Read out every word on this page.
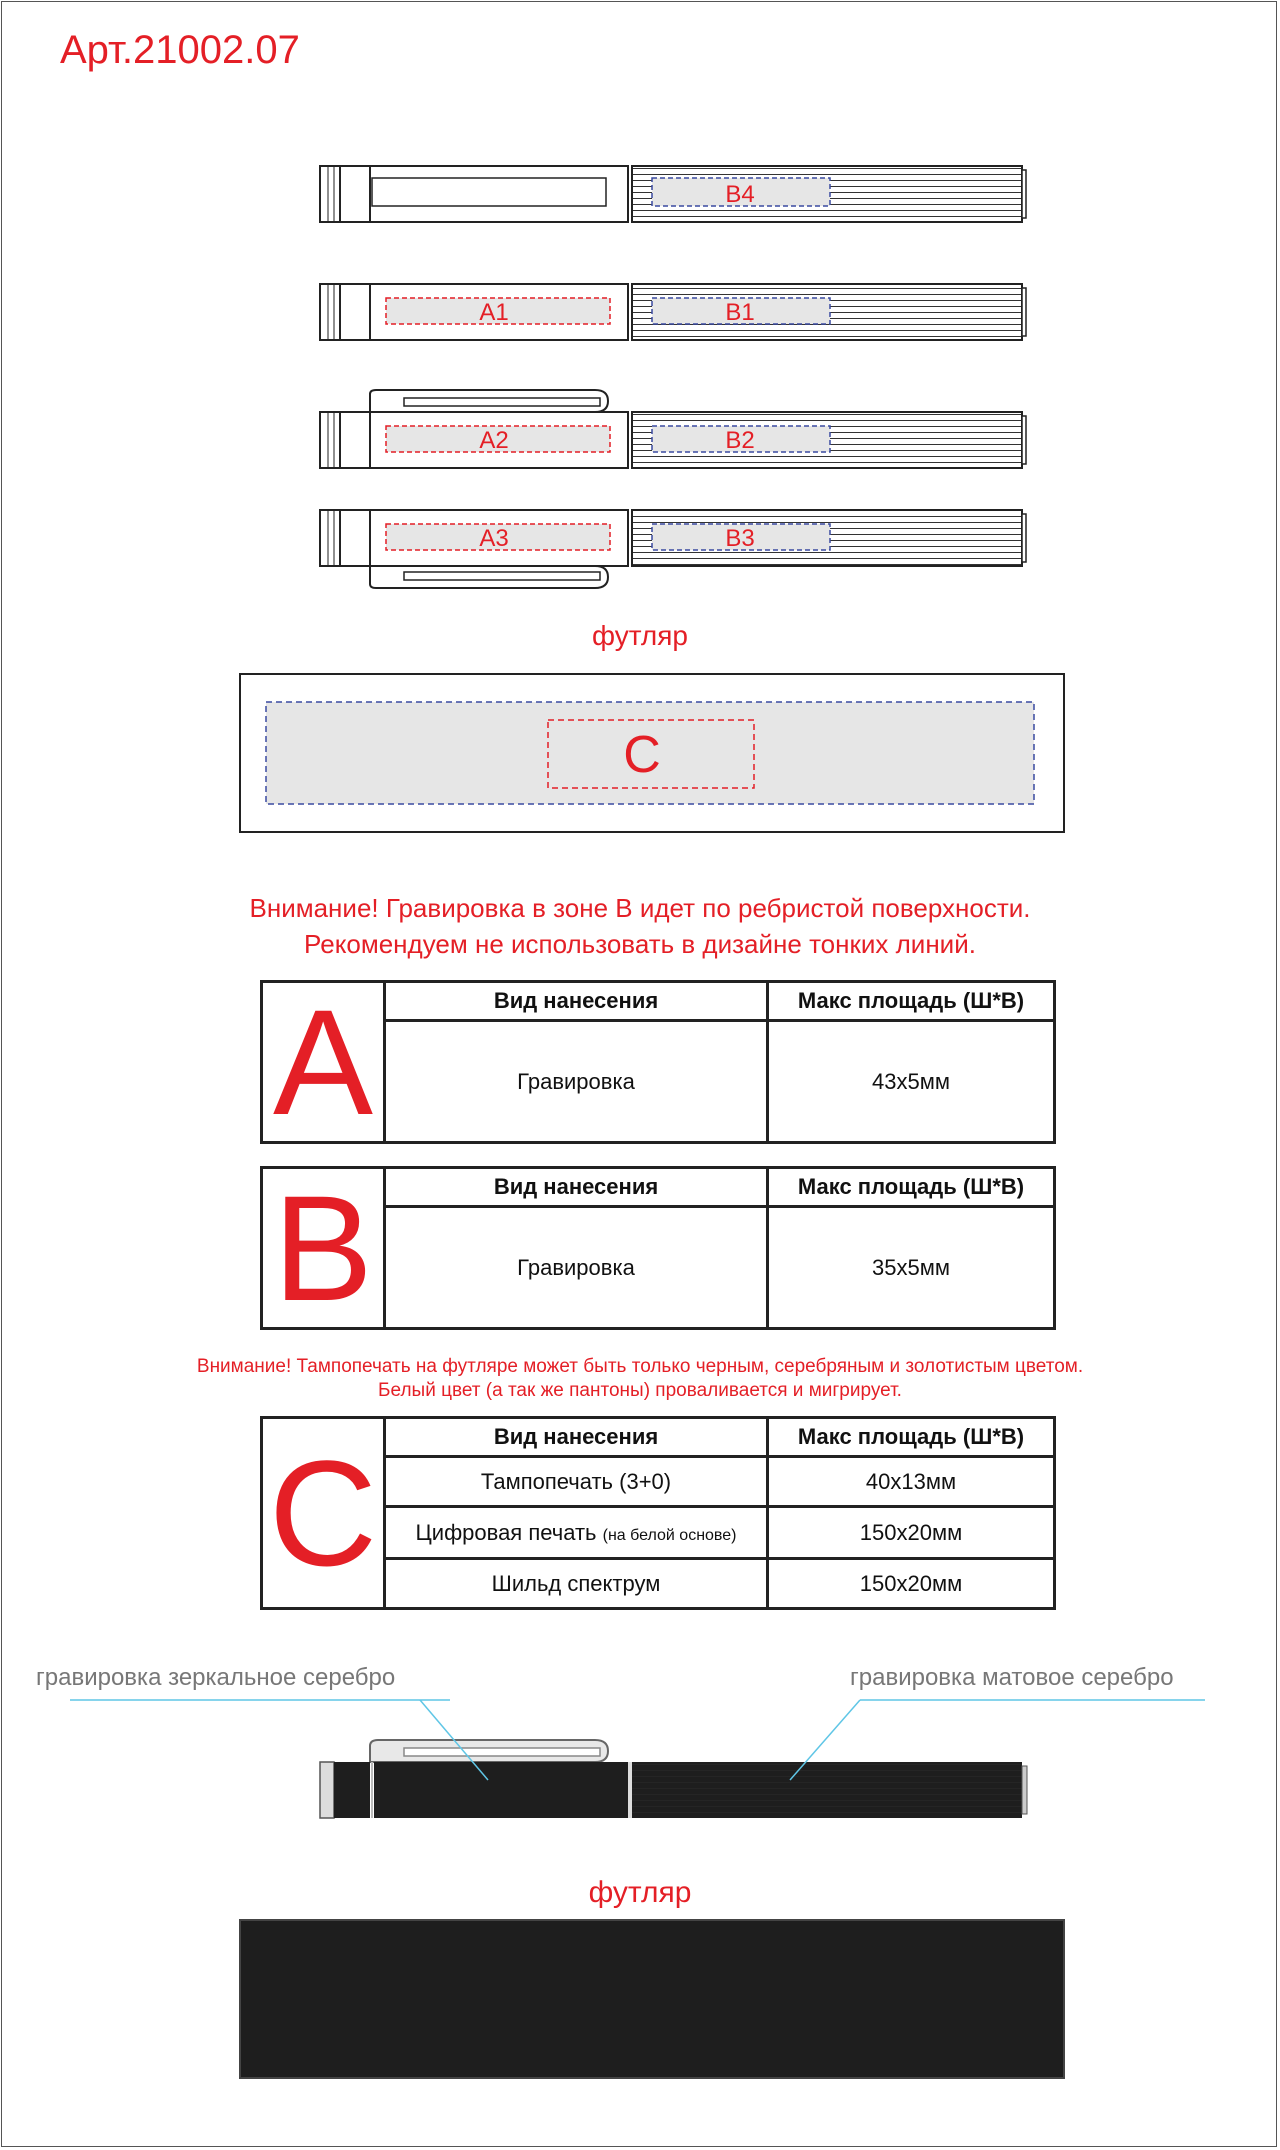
Арт.21002.07
B4
A1	B1
A2	B2
A3	B3
C
футляр
Внимание! Гравировка в зоне B идет по ребристой поверхности.
Рекомендуем не использовать в дизайне тонких линий.
A	Вид нанесения	Макс площадь (Ш*В)
	Гравировка	43x5мм
B	Вид нанесения	Макс площадь (Ш*В)
	Гравировка	35x5мм
Внимание! Тампопечать на футляре может быть только черным, серебряным и золотистым цветом.
Белый цвет (а так же пантоны) проваливается и мигрирует.
C	Вид нанесения	Макс площадь (Ш*В)
	Тампопечать (3+0)	40x13мм
	Цифровая печать (на белой основе)	150x20мм
	Шильд спектрум	150x20мм
гравировка зеркальное серебро	гравировка матовое серебро
футляр
